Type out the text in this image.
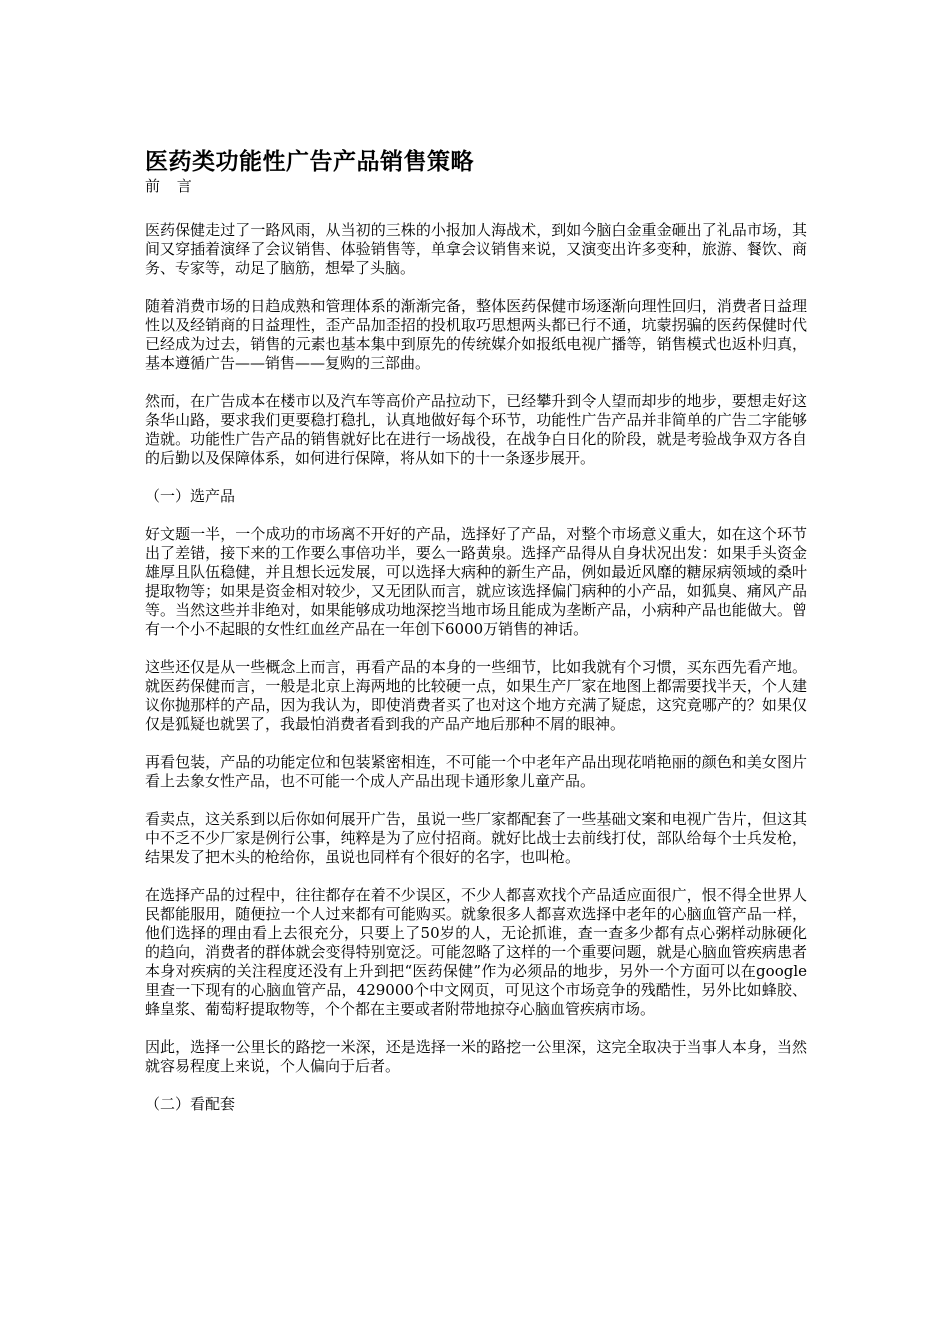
医药类功能性广告产品销售策略

前 言

医药保健走过了一路风雨，从当初的三株的小报加人海战术，到如今脑白金重金砸出了礼品市场，其间又穿插着演绎了会议销售、体验销售等，单拿会议销售来说，又演变出许多变种，旅游、餐饮、商务、专家等，动足了脑筋，想晕了头脑。

随着消费市场的日趋成熟和管理体系的渐渐完备，整体医药保健市场逐渐向理性回归，消费者日益理性以及经销商的日益理性，歪产品加歪招的投机取巧思想两头都已行不通，坑蒙拐骗的医药保健时代已经成为过去，销售的元素也基本集中到原先的传统媒介如报纸电视广播等，销售模式也返朴归真，基本遵循广告——销售——复购的三部曲。

然而，在广告成本在楼市以及汽车等高价产品拉动下，已经攀升到令人望而却步的地步，要想走好这条华山路，要求我们更要稳打稳扎，认真地做好每个环节，功能性广告产品并非简单的广告二字能够造就。功能性广告产品的销售就好比在进行一场战役，在战争白日化的阶段，就是考验战争双方各自的后勤以及保障体系，如何进行保障，将从如下的十一条逐步展开。

（一）选产品

好文题一半，一个成功的市场离不开好的产品，选择好了产品，对整个市场意义重大，如在这个环节出了差错，接下来的工作要么事倍功半，要么一路黄泉。选择产品得从自身状况出发：如果手头资金雄厚且队伍稳健，并且想长远发展，可以选择大病种的新生产品，例如最近风靡的糖尿病领域的桑叶提取物等；如果是资金相对较少，又无团队而言，就应该选择偏门病种的小产品，如狐臭、痛风产品等。当然这些并非绝对，如果能够成功地深挖当地市场且能成为垄断产品，小病种产品也能做大。曾有一个小不起眼的女性红血丝产品在一年创下6000万销售的神话。

这些还仅是从一些概念上而言，再看产品的本身的一些细节，比如我就有个习惯，买东西先看产地。就医药保健而言，一般是北京上海两地的比较硬一点，如果生产厂家在地图上都需要找半天，个人建议你抛那样的产品，因为我认为，即使消费者买了也对这个地方充满了疑虑，这究竟哪产的？如果仅仅是狐疑也就罢了，我最怕消费者看到我的产品产地后那种不屑的眼神。

再看包装，产品的功能定位和包装紧密相连，不可能一个中老年产品出现花哨艳丽的颜色和美女图片看上去象女性产品，也不可能一个成人产品出现卡通形象儿童产品。

看卖点，这关系到以后你如何展开广告，虽说一些厂家都配套了一些基础文案和电视广告片，但这其中不乏不少厂家是例行公事，纯粹是为了应付招商。就好比战士去前线打仗，部队给每个士兵发枪，结果发了把木头的枪给你，虽说也同样有个很好的名字，也叫枪。

在选择产品的过程中，往往都存在着不少误区，不少人都喜欢找个产品适应面很广，恨不得全世界人民都能服用，随便拉一个人过来都有可能购买。就象很多人都喜欢选择中老年的心脑血管产品一样，他们选择的理由看上去很充分，只要上了50岁的人，无论抓谁，查一查多少都有点心粥样动脉硬化的趋向，消费者的群体就会变得特别宽泛。可能忽略了这样的一个重要问题，就是心脑血管疾病患者本身对疾病的关注程度还没有上升到把“医药保健”作为必须品的地步，另外一个方面可以在google里查一下现有的心脑血管产品，429000个中文网页，可见这个市场竞争的残酷性，另外比如蜂胶、蜂皇浆、葡萄籽提取物等，个个都在主要或者附带地掠夺心脑血管疾病市场。

因此，选择一公里长的路挖一米深，还是选择一米的路挖一公里深，这完全取决于当事人本身，当然就容易程度上来说，个人偏向于后者。

（二）看配套
